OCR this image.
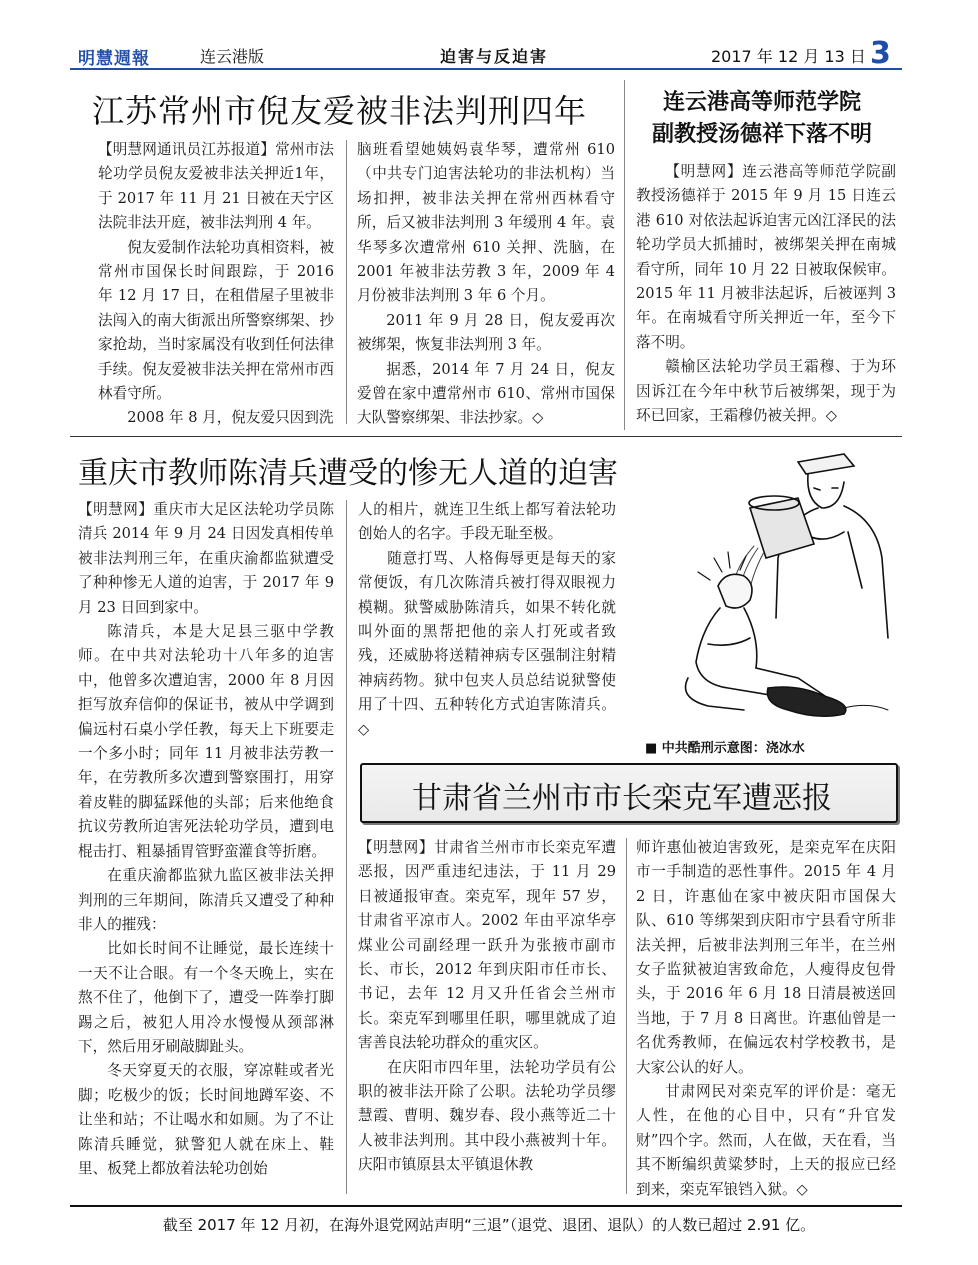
明慧週報	连云港版	迫害与反迫害	2017 年 12 月 13 日 3
江苏常州市倪友爱被非法判刑四年

【明慧网通讯员江苏报道】常州市法轮功学员倪友爱被非法关押近1年，于 2017 年 11 月 21 日被在天宁区法院非法开庭，被非法判刑 4 年。

倪友爱制作法轮功真相资料，被常州市国保长时间跟踪，于 2016 年 12 月 17 日，在租借屋子里被非法闯入的南大街派出所警察绑架、抄家抢劫，当时家属没有收到任何法律手续。倪友爱被非法关押在常州市西林看守所。

2008 年 8 月，倪友爱只因到洗

脑班看望她姨妈袁华琴，遭常州 610（中共专门迫害法轮功的非法机构）当场扣押，被非法关押在常州西林看守所，后又被非法判刑 3 年缓刑 4 年。袁华琴多次遭常州 610 关押、洗脑，在 2001 年被非法劳教 3 年，2009 年 4 月份被非法判刑 3 年 6 个月。

2011 年 9 月 28 日，倪友爱再次被绑架，恢复非法判刑 3 年。

据悉，2014 年 7 月 24 日，倪友爱曾在家中遭常州市 610、常州市国保大队警察绑架、非法抄家。◇

连云港高等师范学院
副教授汤德祥下落不明

【明慧网】连云港高等师范学院副教授汤德祥于 2015 年 9 月 15 日连云港 610 对依法起诉迫害元凶江泽民的法轮功学员大抓捕时，被绑架关押在南城看守所，同年 10 月 22 日被取保候审。2015 年 11 月被非法起诉，后被诬判 3 年。在南城看守所关押近一年，至今下落不明。

赣榆区法轮功学员王霜穆、于为环因诉江在今年中秋节后被绑架，现于为环已回家，王霜穆仍被关押。◇

重庆市教师陈清兵遭受的惨无人道的迫害

【明慧网】重庆市大足区法轮功学员陈清兵 2014 年 9 月 24 日因发真相传单被非法判刑三年，在重庆渝都监狱遭受了种种惨无人道的迫害，于 2017 年 9 月 23 日回到家中。

陈清兵，本是大足县三驱中学教师。在中共对法轮功十八年多的迫害中，他曾多次遭迫害，2000 年 8 月因拒写放弃信仰的保证书，被从中学调到偏远村石桌小学任教，每天上下班要走一个多小时；同年 11 月被非法劳教一年，在劳教所多次遭到警察围打，用穿着皮鞋的脚猛踩他的头部；后来他绝食抗议劳教所迫害死法轮功学员，遭到电棍击打、粗暴插胃管野蛮灌食等折磨。

在重庆渝都监狱九监区被非法关押判刑的三年期间，陈清兵又遭受了种种非人的摧残：

比如长时间不让睡觉，最长连续十一天不让合眼。有一个冬天晚上，实在熬不住了，他倒下了，遭受一阵拳打脚踢之后，被犯人用冷水慢慢从颈部淋下，然后用牙刷敲脚趾头。

冬天穿夏天的衣服，穿凉鞋或者光脚；吃极少的饭；长时间地蹲军姿、不让坐和站；不让喝水和如厕。为了不让陈清兵睡觉，狱警犯人就在床上、鞋里、板凳上都放着法轮功创始

人的相片，就连卫生纸上都写着法轮功创始人的名字。手段无耻至极。

随意打骂、人格侮辱更是每天的家常便饭，有几次陈清兵被打得双眼视力模糊。狱警威胁陈清兵，如果不转化就叫外面的黑帮把他的亲人打死或者致残，还威胁将送精神病专区强制注射精神病药物。狱中包夹人员总结说狱警使用了十四、五种转化方式迫害陈清兵。◇

■ 中共酷刑示意图：浇冰水
甘肃省兰州市市长栾克军遭恶报

【明慧网】甘肃省兰州市市长栾克军遭恶报，因严重违纪违法，于 11 月 29 日被通报审查。栾克军，现年 57 岁，甘肃省平凉市人。2002 年由平凉华亭煤业公司副经理一跃升为张掖市副市长、市长，2012 年到庆阳市任市长、书记，去年 12 月又升任省会兰州市长。栾克军到哪里任职，哪里就成了迫害善良法轮功群众的重灾区。

在庆阳市四年里，法轮功学员有公职的被非法开除了公职。法轮功学员缪慧霞、曹明、魏岁春、段小燕等近二十人被非法判刑。其中段小燕被判十年。庆阳市镇原县太平镇退休教

师许惠仙被迫害致死，是栾克军在庆阳市一手制造的恶性事件。2015 年 4 月 2 日，许惠仙在家中被庆阳市国保大队、610 等绑架到庆阳市宁县看守所非法关押，后被非法判刑三年半，在兰州女子监狱被迫害致命危，人瘦得皮包骨头，于 2016 年 6 月 18 日清晨被送回当地，于 7 月 8 日离世。许惠仙曾是一名优秀教师，在偏远农村学校教书，是大家公认的好人。

甘肃网民对栾克军的评价是：毫无人性，在他的心目中，只有“升官发财”四个字。然而，人在做，天在看，当其不断编织黄粱梦时，上天的报应已经到来，栾克军锒铛入狱。◇

截至 2017 年 12 月初，在海外退党网站声明“三退”（退党、退团、退队）的人数已超过 2.91 亿。
